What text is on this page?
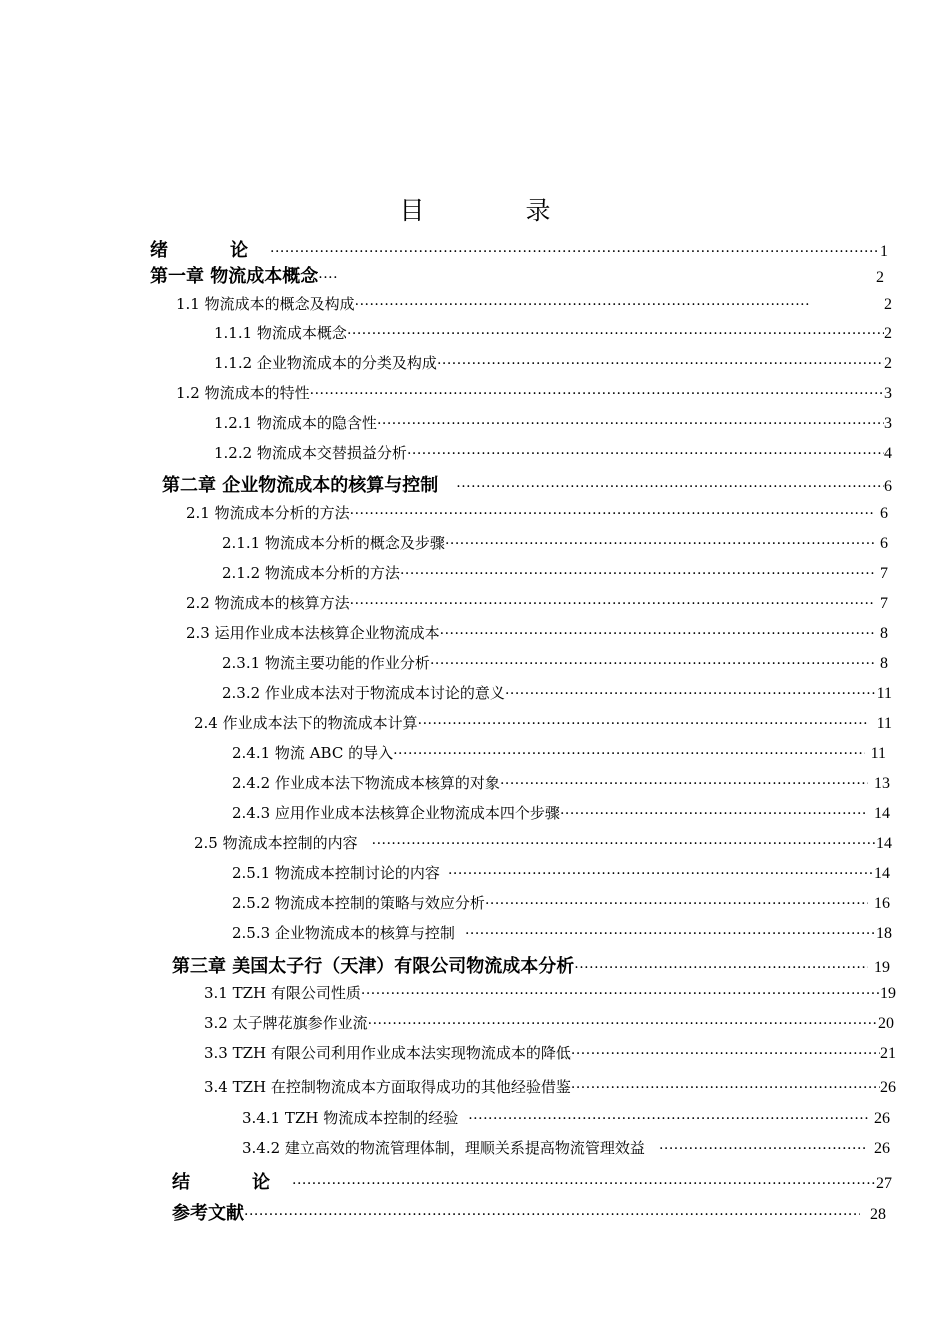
目　录
绪　论 ·····	1
第一章 物流成本概念 ·····	2
1.1 物流成本的概念及构成 ·····	2
1.1.1 物流成本概念 ·····	2
1.1.2 企业物流成本的分类及构成 ·····	2
1.2 物流成本的特性 ·····	3
1.2.1 物流成本的隐含性 ·····	3
1.2.2 物流成本交替损益分析 ·····	4
第二章 企业物流成本的核算与控制 ·····	6
2.1 物流成本分析的方法 ·····	6
2.1.1 物流成本分析的概念及步骤 ·····	6
2.1.2 物流成本分析的方法 ·····	7
2.2 物流成本的核算方法 ·····	7
2.3 运用作业成本法核算企业物流成本 ·····	8
2.3.1 物流主要功能的作业分析 ·····	8
2.3.2 作业成本法对于物流成本讨论的意义 ·····	11
2.4 作业成本法下的物流成本计算 ·····	11
2.4.1 物流 ABC 的导入 ·····	11
2.4.2 作业成本法下物流成本核算的对象 ·····	13
2.4.3 应用作业成本法核算企业物流成本四个步骤 ·····	14
2.5 物流成本控制的内容 ·····	14
2.5.1 物流成本控制讨论的内容 ·····	14
2.5.2 物流成本控制的策略与效应分析 ·····	16
2.5.3 企业物流成本的核算与控制 ·····	18
第三章 美国太子行（天津）有限公司物流成本分析 ·····	19
3.1 TZH 有限公司性质 ·····	19
3.2 太子牌花旗参作业流 ·····	20
3.3 TZH 有限公司利用作业成本法实现物流成本的降低 ·····	21
3.4 TZH 在控制物流成本方面取得成功的其他经验借鉴 ·····	26
3.4.1 TZH 物流成本控制的经验 ·····	26
3.4.2 建立高效的物流管理体制，理顺关系提高物流管理效益 ·····	26
结　论 ·····	27
参考文献 ·····	28
